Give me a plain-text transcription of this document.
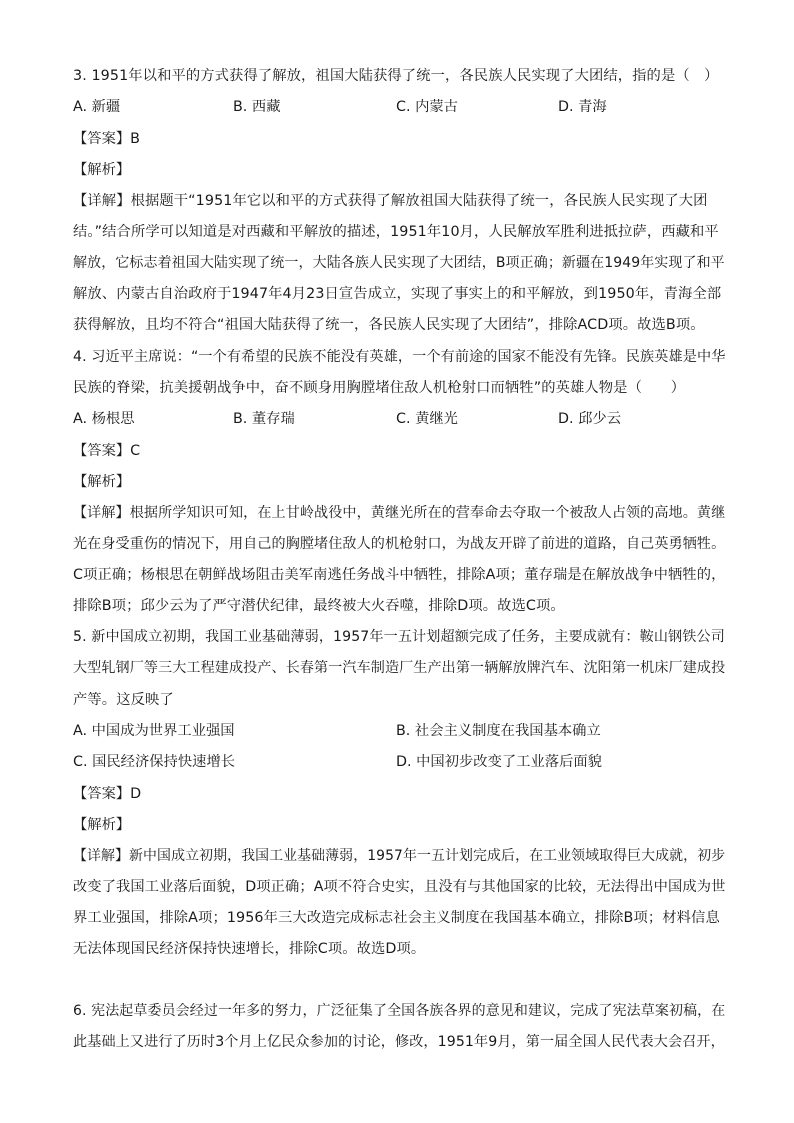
3. 1951年以和平的方式获得了解放，祖国大陆获得了统一，各民族人民实现了大团结，指的是（　）
A. 新疆	B. 西藏	C. 内蒙古	D. 青海
【答案】B
【解析】
【详解】根据题干“1951年它以和平的方式获得了解放祖国大陆获得了统一，各民族人民实现了大团
结。”结合所学可以知道是对西藏和平解放的描述，1951年10月，人民解放军胜利进抵拉萨，西藏和平
解放，它标志着祖国大陆实现了统一，大陆各族人民实现了大团结，B项正确；新疆在1949年实现了和平
解放、内蒙古自治政府于1947年4月23日宣告成立，实现了事实上的和平解放，到1950年，青海全部
获得解放，且均不符合“祖国大陆获得了统一，各民族人民实现了大团结”，排除ACD项。故选B项。
4. 习近平主席说：“一个有希望的民族不能没有英雄，一个有前途的国家不能没有先锋。民族英雄是中华
民族的脊梁，抗美援朝战争中，奋不顾身用胸膛堵住敌人机枪射口而牺牲”的英雄人物是（　　）
A. 杨根思	B. 董存瑞	C. 黄继光	D. 邱少云
【答案】C
【解析】
【详解】根据所学知识可知，在上甘岭战役中，黄继光所在的营奉命去夺取一个被敌人占领的高地。黄继
光在身受重伤的情况下，用自己的胸膛堵住敌人的机枪射口，为战友开辟了前进的道路，自己英勇牺牲。
C项正确；杨根思在朝鲜战场阻击美军南逃任务战斗中牺牲，排除A项；董存瑞是在解放战争中牺牲的，
排除B项；邱少云为了严守潜伏纪律，最终被大火吞噬，排除D项。故选C项。
5. 新中国成立初期，我国工业基础薄弱，1957年一五计划超额完成了任务，主要成就有：鞍山钢铁公司
大型轧钢厂等三大工程建成投产、长春第一汽车制造厂生产出第一辆解放牌汽车、沈阳第一机床厂建成投
产等。这反映了
A. 中国成为世界工业强国	B. 社会主义制度在我国基本确立
C. 国民经济保持快速增长	D. 中国初步改变了工业落后面貌
【答案】D
【解析】
【详解】新中国成立初期，我国工业基础薄弱，1957年一五计划完成后，在工业领域取得巨大成就，初步
改变了我国工业落后面貌，D项正确；A项不符合史实，且没有与其他国家的比较，无法得出中国成为世
界工业强国，排除A项；1956年三大改造完成标志社会主义制度在我国基本确立，排除B项；材料信息
无法体现国民经济保持快速增长，排除C项。故选D项。
6. 宪法起草委员会经过一年多的努力，广泛征集了全国各族各界的意见和建议，完成了宪法草案初稿，在
此基础上又进行了历时3个月上亿民众参加的讨论，修改，1951年9月，第一届全国人民代表大会召开，
